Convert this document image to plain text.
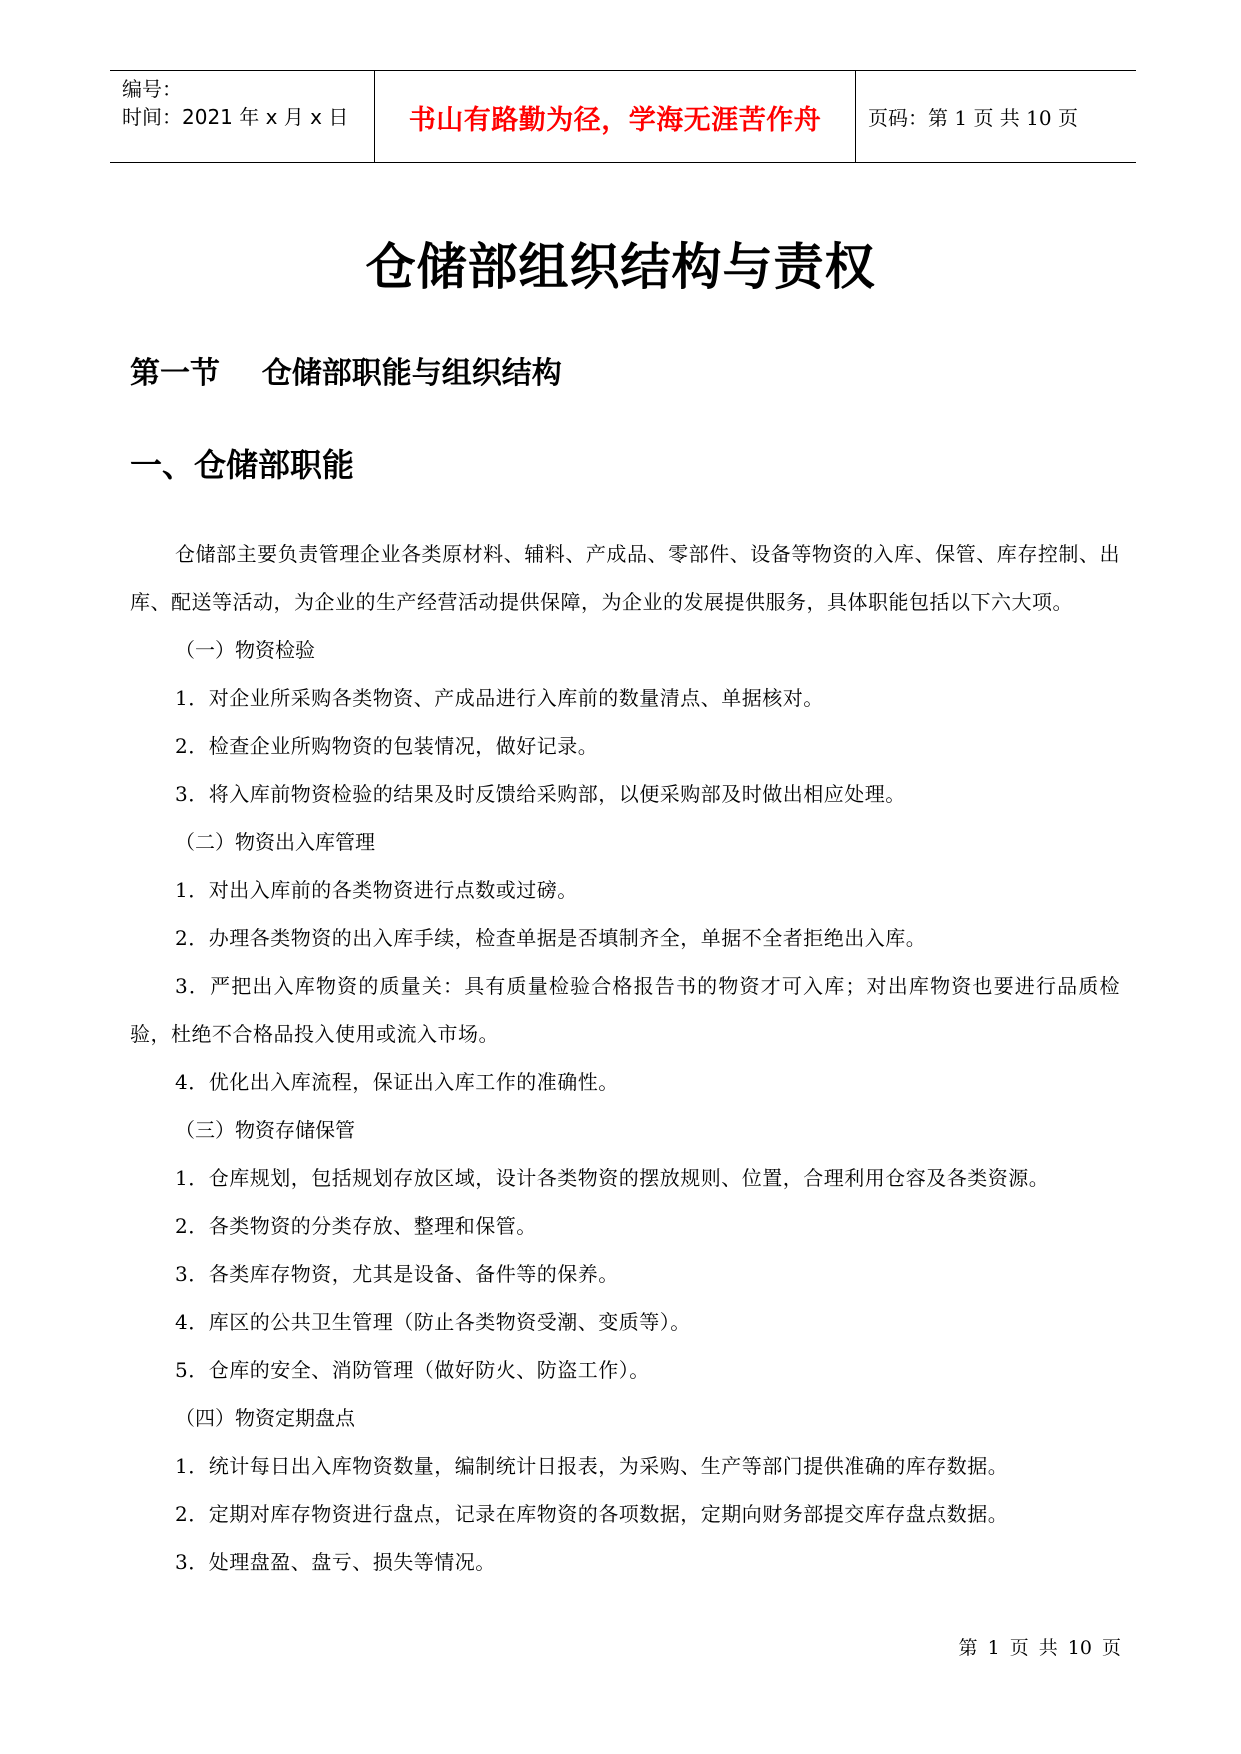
编号：
时间：2021 年 x 月 x 日	书山有路勤为径，学海无涯苦作舟	页码：第 1 页 共 10 页
仓储部组织结构与责权
第一节    仓储部职能与组织结构
一、仓储部职能

仓储部主要负责管理企业各类原材料、辅料、产成品、零部件、设备等物资的入库、保管、库存控制、出库、配送等活动，为企业的生产经营活动提供保障，为企业的发展提供服务，具体职能包括以下六大项。

（一）物资检验

1．对企业所采购各类物资、产成品进行入库前的数量清点、单据核对。

2．检查企业所购物资的包装情况，做好记录。

3．将入库前物资检验的结果及时反馈给采购部，以便采购部及时做出相应处理。

（二）物资出入库管理

1．对出入库前的各类物资进行点数或过磅。

2．办理各类物资的出入库手续，检查单据是否填制齐全，单据不全者拒绝出入库。

3．严把出入库物资的质量关：具有质量检验合格报告书的物资才可入库；对出库物资也要进行品质检验，杜绝不合格品投入使用或流入市场。

4．优化出入库流程，保证出入库工作的准确性。

（三）物资存储保管

1．仓库规划，包括规划存放区域，设计各类物资的摆放规则、位置，合理利用仓容及各类资源。

2．各类物资的分类存放、整理和保管。

3．各类库存物资，尤其是设备、备件等的保养。

4．库区的公共卫生管理（防止各类物资受潮、变质等）。

5．仓库的安全、消防管理（做好防火、防盗工作）。

（四）物资定期盘点

1．统计每日出入库物资数量，编制统计日报表，为采购、生产等部门提供准确的库存数据。

2．定期对库存物资进行盘点，记录在库物资的各项数据，定期向财务部提交库存盘点数据。

3．处理盘盈、盘亏、损失等情况。

第 1 页 共 10 页
